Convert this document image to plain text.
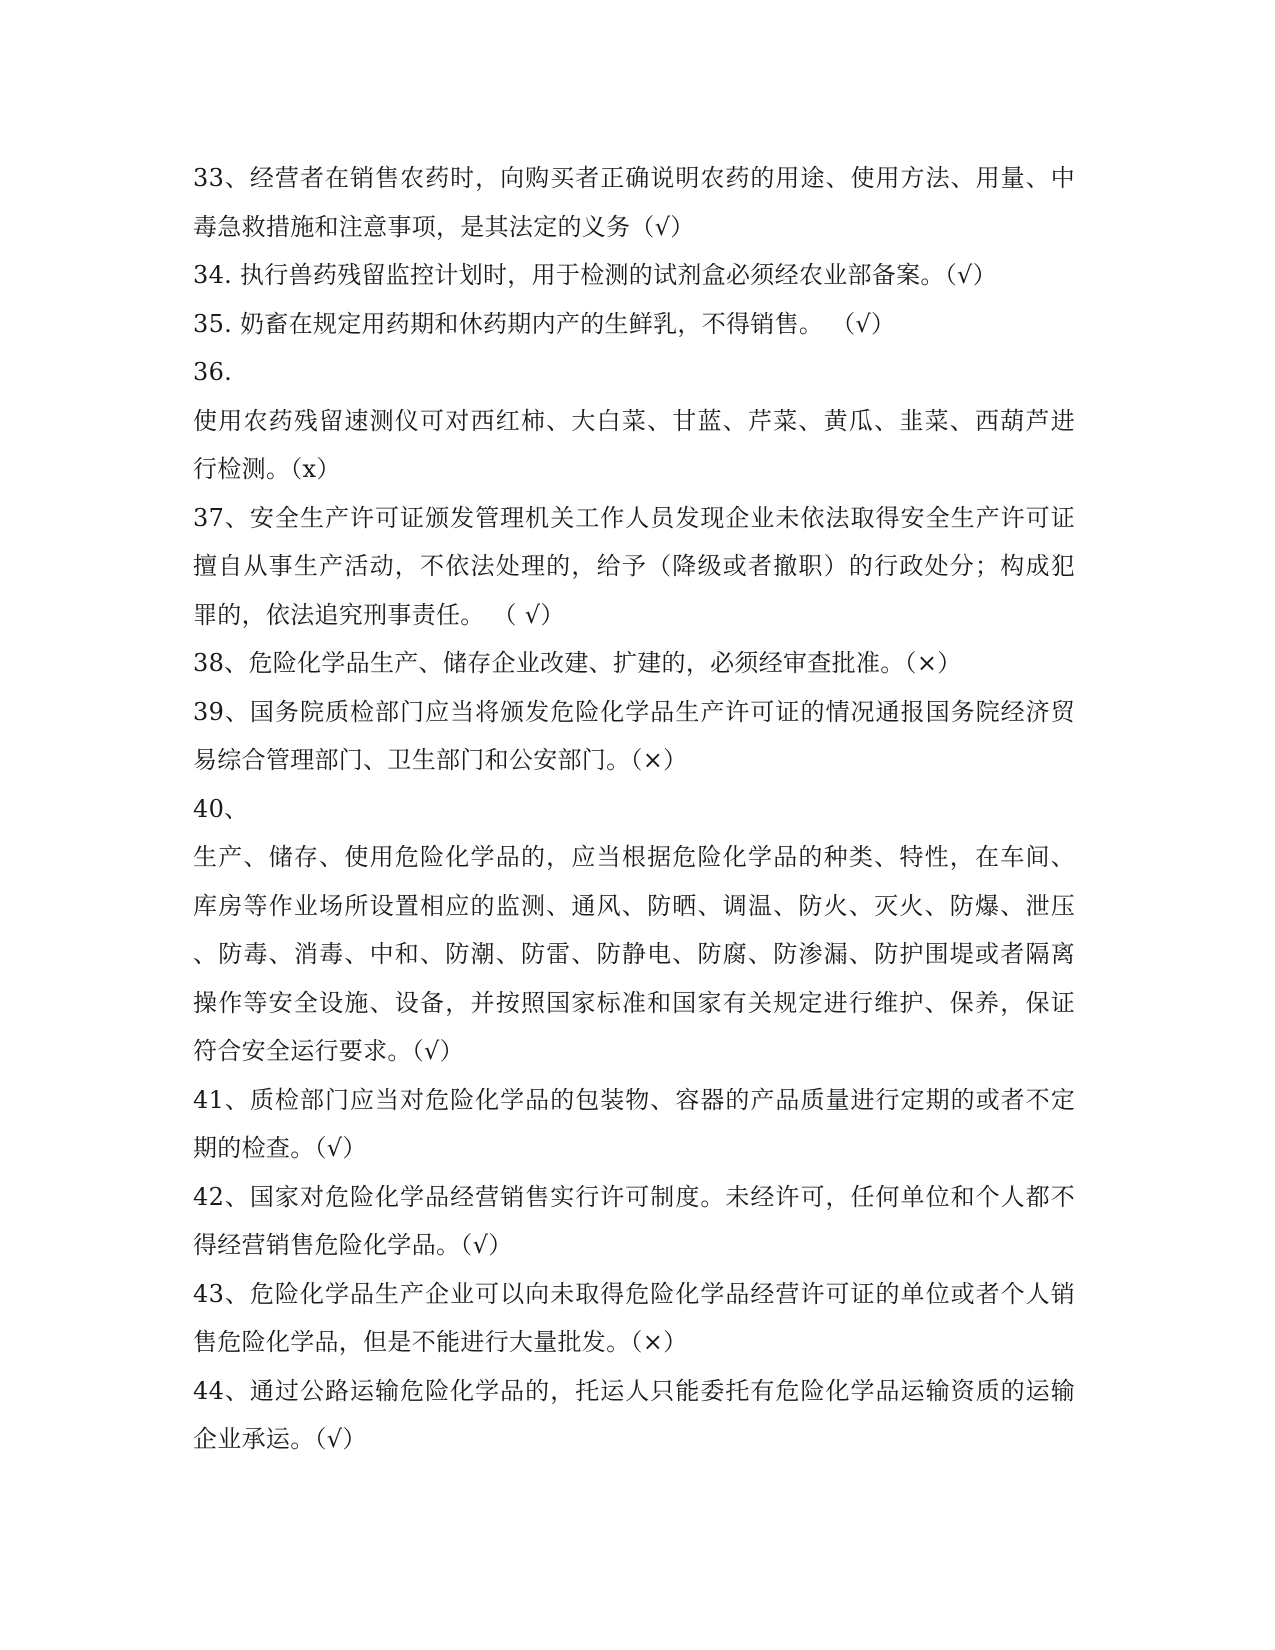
33、经营者在销售农药时，向购买者正确说明农药的用途、使用方法、用量、中
毒急救措施和注意事项，是其法定的义务（√）
34. 执行兽药残留监控计划时，用于检测的试剂盒必须经农业部备案。（√）
35. 奶畜在规定用药期和休药期内产的生鲜乳，不得销售。 （√）
36.
使用农药残留速测仪可对西红柿、大白菜、甘蓝、芹菜、黄瓜、韭菜、西葫芦进
行检测。（x）
37、安全生产许可证颁发管理机关工作人员发现企业未依法取得安全生产许可证
擅自从事生产活动，不依法处理的，给予（降级或者撤职）的行政处分；构成犯
罪的，依法追究刑事责任。 （ √）
38、危险化学品生产、储存企业改建、扩建的，必须经审查批准。（×）
39、国务院质检部门应当将颁发危险化学品生产许可证的情况通报国务院经济贸
易综合管理部门、卫生部门和公安部门。（×）
40、
生产、储存、使用危险化学品的，应当根据危险化学品的种类、特性，在车间、
库房等作业场所设置相应的监测、通风、防晒、调温、防火、灭火、防爆、泄压
、防毒、消毒、中和、防潮、防雷、防静电、防腐、防渗漏、防护围堤或者隔离
操作等安全设施、设备，并按照国家标准和国家有关规定进行维护、保养，保证
符合安全运行要求。（√）
41、质检部门应当对危险化学品的包装物、容器的产品质量进行定期的或者不定
期的检查。（√）
42、国家对危险化学品经营销售实行许可制度。未经许可，任何单位和个人都不
得经营销售危险化学品。（√）
43、危险化学品生产企业可以向未取得危险化学品经营许可证的单位或者个人销
售危险化学品，但是不能进行大量批发。（×）
44、通过公路运输危险化学品的，托运人只能委托有危险化学品运输资质的运输
企业承运。（√）
